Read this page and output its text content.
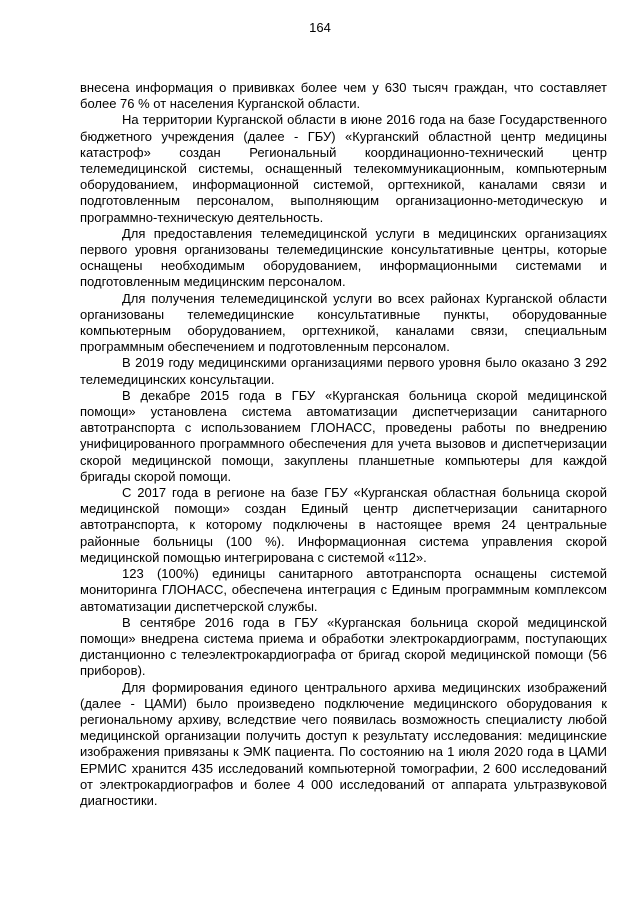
164

внесена информация о прививках более чем у 630 тысяч граждан, что составляет более 76 % от населения Курганской области.

На территории Курганской области в июне 2016 года на базе Государственного бюджетного учреждения (далее - ГБУ) «Курганский областной центр медицины катастроф» создан Региональный координационно-технический центр телемедицинской системы, оснащенный телекоммуникационным, компьютерным оборудованием, информационной системой, оргтехникой, каналами связи и подготовленным персоналом, выполняющим организационно-методическую и программно-техническую деятельность.

Для предоставления телемедицинской услуги в медицинских организациях первого уровня организованы телемедицинские консультативные центры, которые оснащены необходимым оборудованием, информационными системами и подготовленным медицинским персоналом.

Для получения телемедицинской услуги во всех районах Курганской области организованы телемедицинские консультативные пункты, оборудованные компьютерным оборудованием, оргтехникой, каналами связи, специальным программным обеспечением и подготовленным персоналом.

В 2019 году медицинскими организациями первого уровня было оказано 3 292 телемедицинских консультации.

В декабре 2015 года в ГБУ «Курганская больница скорой медицинской помощи» установлена система автоматизации диспетчеризации санитарного автотранспорта с использованием ГЛОНАСС, проведены работы по внедрению унифицированного программного обеспечения для учета вызовов и диспетчеризации скорой медицинской помощи, закуплены планшетные компьютеры для каждой бригады скорой помощи.

С 2017 года в регионе на базе ГБУ «Курганская областная больница скорой медицинской помощи» создан Единый центр диспетчеризации санитарного автотранспорта, к которому подключены в настоящее время 24 центральные районные больницы (100 %). Информационная система управления скорой медицинской помощью интегрирована с системой «112».

123 (100%) единицы санитарного автотранспорта оснащены системой мониторинга ГЛОНАСС, обеспечена интеграция с Единым программным комплексом автоматизации диспетчерской службы.

В сентябре 2016 года в ГБУ «Курганская больница скорой медицинской помощи» внедрена система приема и обработки электрокардиограмм, поступающих дистанционно с телеэлектрокардиографа от бригад скорой медицинской помощи (56 приборов).

Для формирования единого центрального архива медицинских изображений (далее - ЦАМИ) было произведено подключение медицинского оборудования к региональному архиву, вследствие чего появилась возможность специалисту любой медицинской организации получить доступ к результату исследования: медицинские изображения привязаны к ЭМК пациента. По состоянию на 1 июля 2020 года в ЦАМИ ЕРМИС хранится 435 исследований компьютерной томографии, 2 600 исследований от электрокардиографов и более 4 000 исследований от аппарата ультразвуковой диагностики.
